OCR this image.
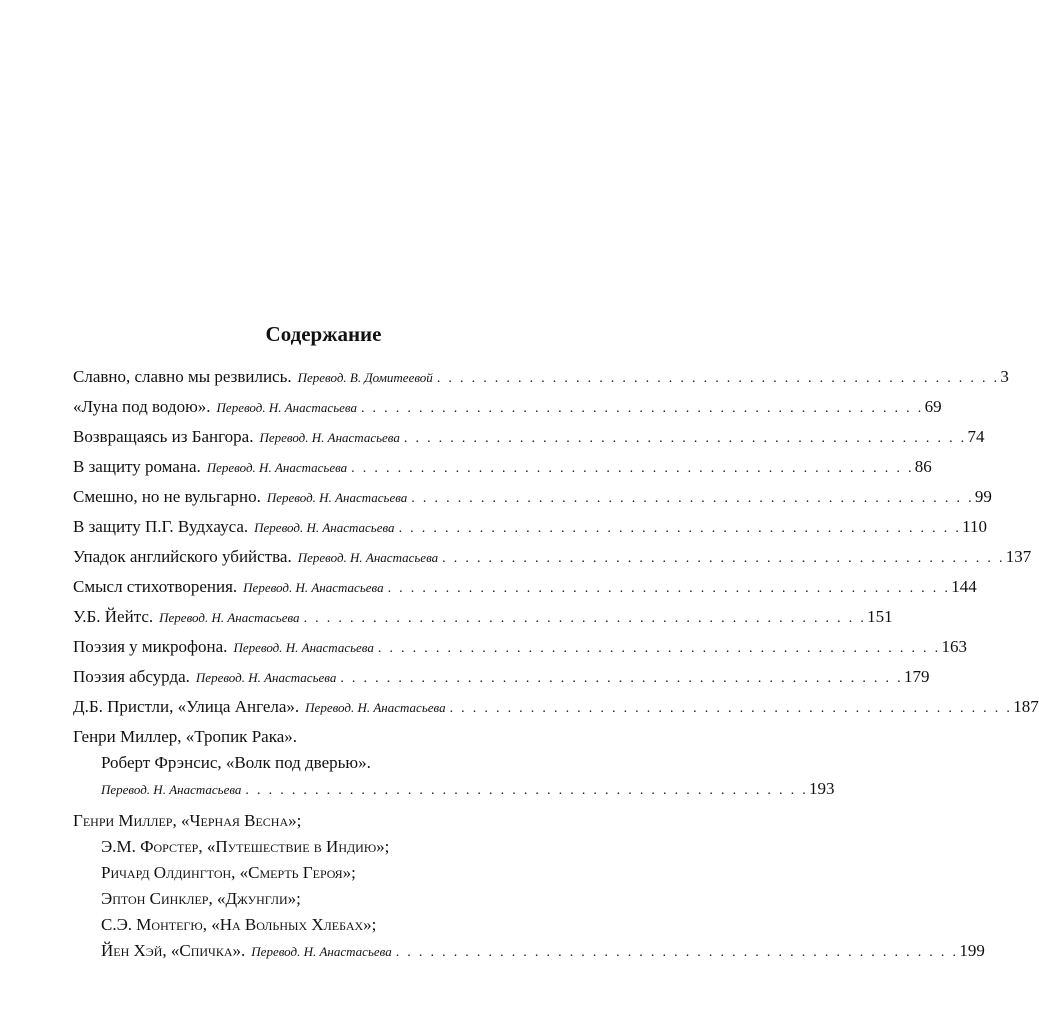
Содержание
Славно, славно мы резвились. Перевод. В. Домитеевой . . . . . . . . . . . . . . . . . . . . . . . . . . . . . . . . . . . . . . . . . . . . . . . . . 3
«Луна под водою». Перевод. Н. Анастасьева . . . . . . . . . . . . . . . . . . . . . . . . . . . . . . . . . . . . . . . . . . . . . . . . . 69
Возвращаясь из Бангора. Перевод. Н. Анастасьева . . . . . . . . . . . . . . . . . . . . . . . . . . . . . . . . . . . . . . . . . . . . . . . . . 74
В защиту романа. Перевод. Н. Анастасьева . . . . . . . . . . . . . . . . . . . . . . . . . . . . . . . . . . . . . . . . . . . . . . . . . 86
Смешно, но не вульгарно. Перевод. Н. Анастасьева . . . . . . . . . . . . . . . . . . . . . . . . . . . . . . . . . . . . . . . . . . . . . . . . . 99
В защиту П.Г. Вудхауса. Перевод. Н. Анастасьева . . . . . . . . . . . . . . . . . . . . . . . . . . . . . . . . . . . . . . . . . . . . . . . . . 110
Упадок английского убийства. Перевод. Н. Анастасьева . . . . . . . . . . . . . . . . . . . . . . . . . . . . . . . . . . . . . . . . . . . . . . . . . 137
Смысл стихотворения. Перевод. Н. Анастасьева . . . . . . . . . . . . . . . . . . . . . . . . . . . . . . . . . . . . . . . . . . . . . . . . . 144
У.Б. Йейтс. Перевод. Н. Анастасьева . . . . . . . . . . . . . . . . . . . . . . . . . . . . . . . . . . . . . . . . . . . . . . . . . 151
Поэзия у микрофона. Перевод. Н. Анастасьева . . . . . . . . . . . . . . . . . . . . . . . . . . . . . . . . . . . . . . . . . . . . . . . . . 163
Поэзия абсурда. Перевод. Н. Анастасьева . . . . . . . . . . . . . . . . . . . . . . . . . . . . . . . . . . . . . . . . . . . . . . . . . 179
Д.Б. Пристли, «Улица Ангела». Перевод. Н. Анастасьева . . . . . . . . . . . . . . . . . . . . . . . . . . . . . . . . . . . . . . . . . . . . . . . . . 187
Генри Миллер, «Тропик Рака».
Роберт Фрэнсис, «Волк под дверью».
Перевод. Н. Анастасьева . . . . . . . . . . . . . . . . . . . . . . . . . . . . . . . . . . . . . . . . . . . . . . . . . 193
Генри Миллер, «Черная Весна»;
Э.М. Форстер, «Путешествие в Индию»;
Ричард Олдингтон, «Смерть Героя»;
Эптон Синклер, «Джунгли»;
С.Э. Монтегю, «На Вольных Хлебах»;
Йен Хэй, «Спичка». Перевод. Н. Анастасьева . . . . . . . . . . . . . . . . . . . . . . . . . . . . . . . . . . . . . . . . . . . . . . . . . 199
